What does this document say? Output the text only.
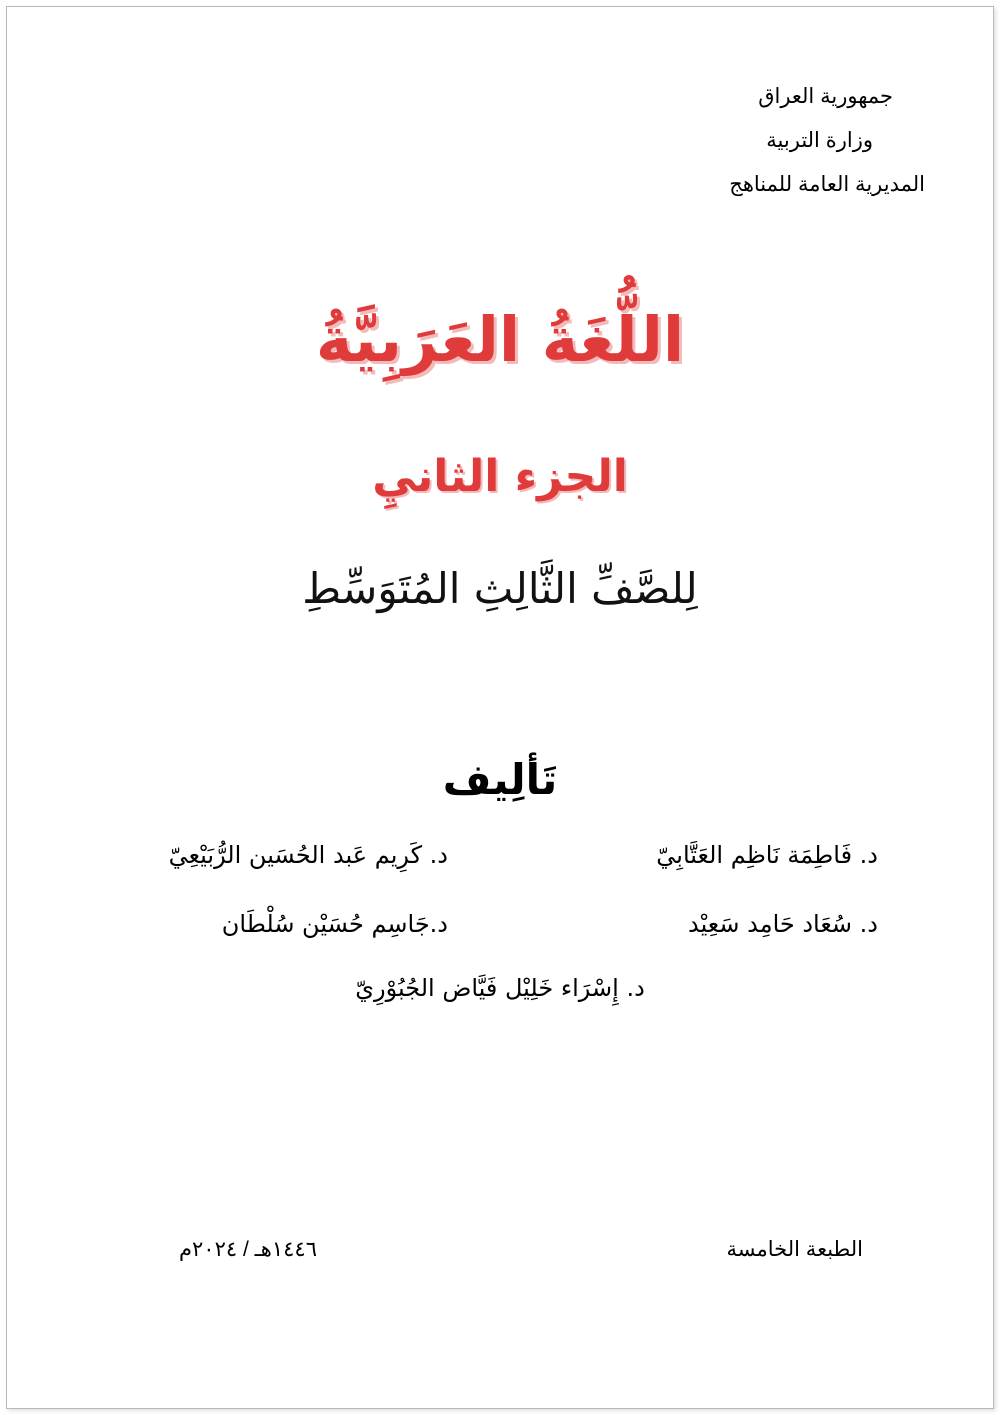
جمهورية العراق
وزارة التربية
المديرية العامة للمناهج
اللُّغَةُ العَرَبِيَّةُ
الجزء الثانيِ
لِلصَّفِّ الثَّالِثِ المُتَوَسِّطِ
تَألِيف
د. فَاطِمَة نَاظِم العَتَّابِيّ
د. كَرِيم عَبد الحُسَين الرُّبَيْعِيّ
د. سُعَاد حَامِد سَعِيْد
د.جَاسِم حُسَيْن سُلْطَان
د. إِسْرَاء خَلِيْل فَيَّاض الجُبُوْرِيّ
الطبعة الخامسة
١٤٤٦هـ / ٢٠٢٤م
